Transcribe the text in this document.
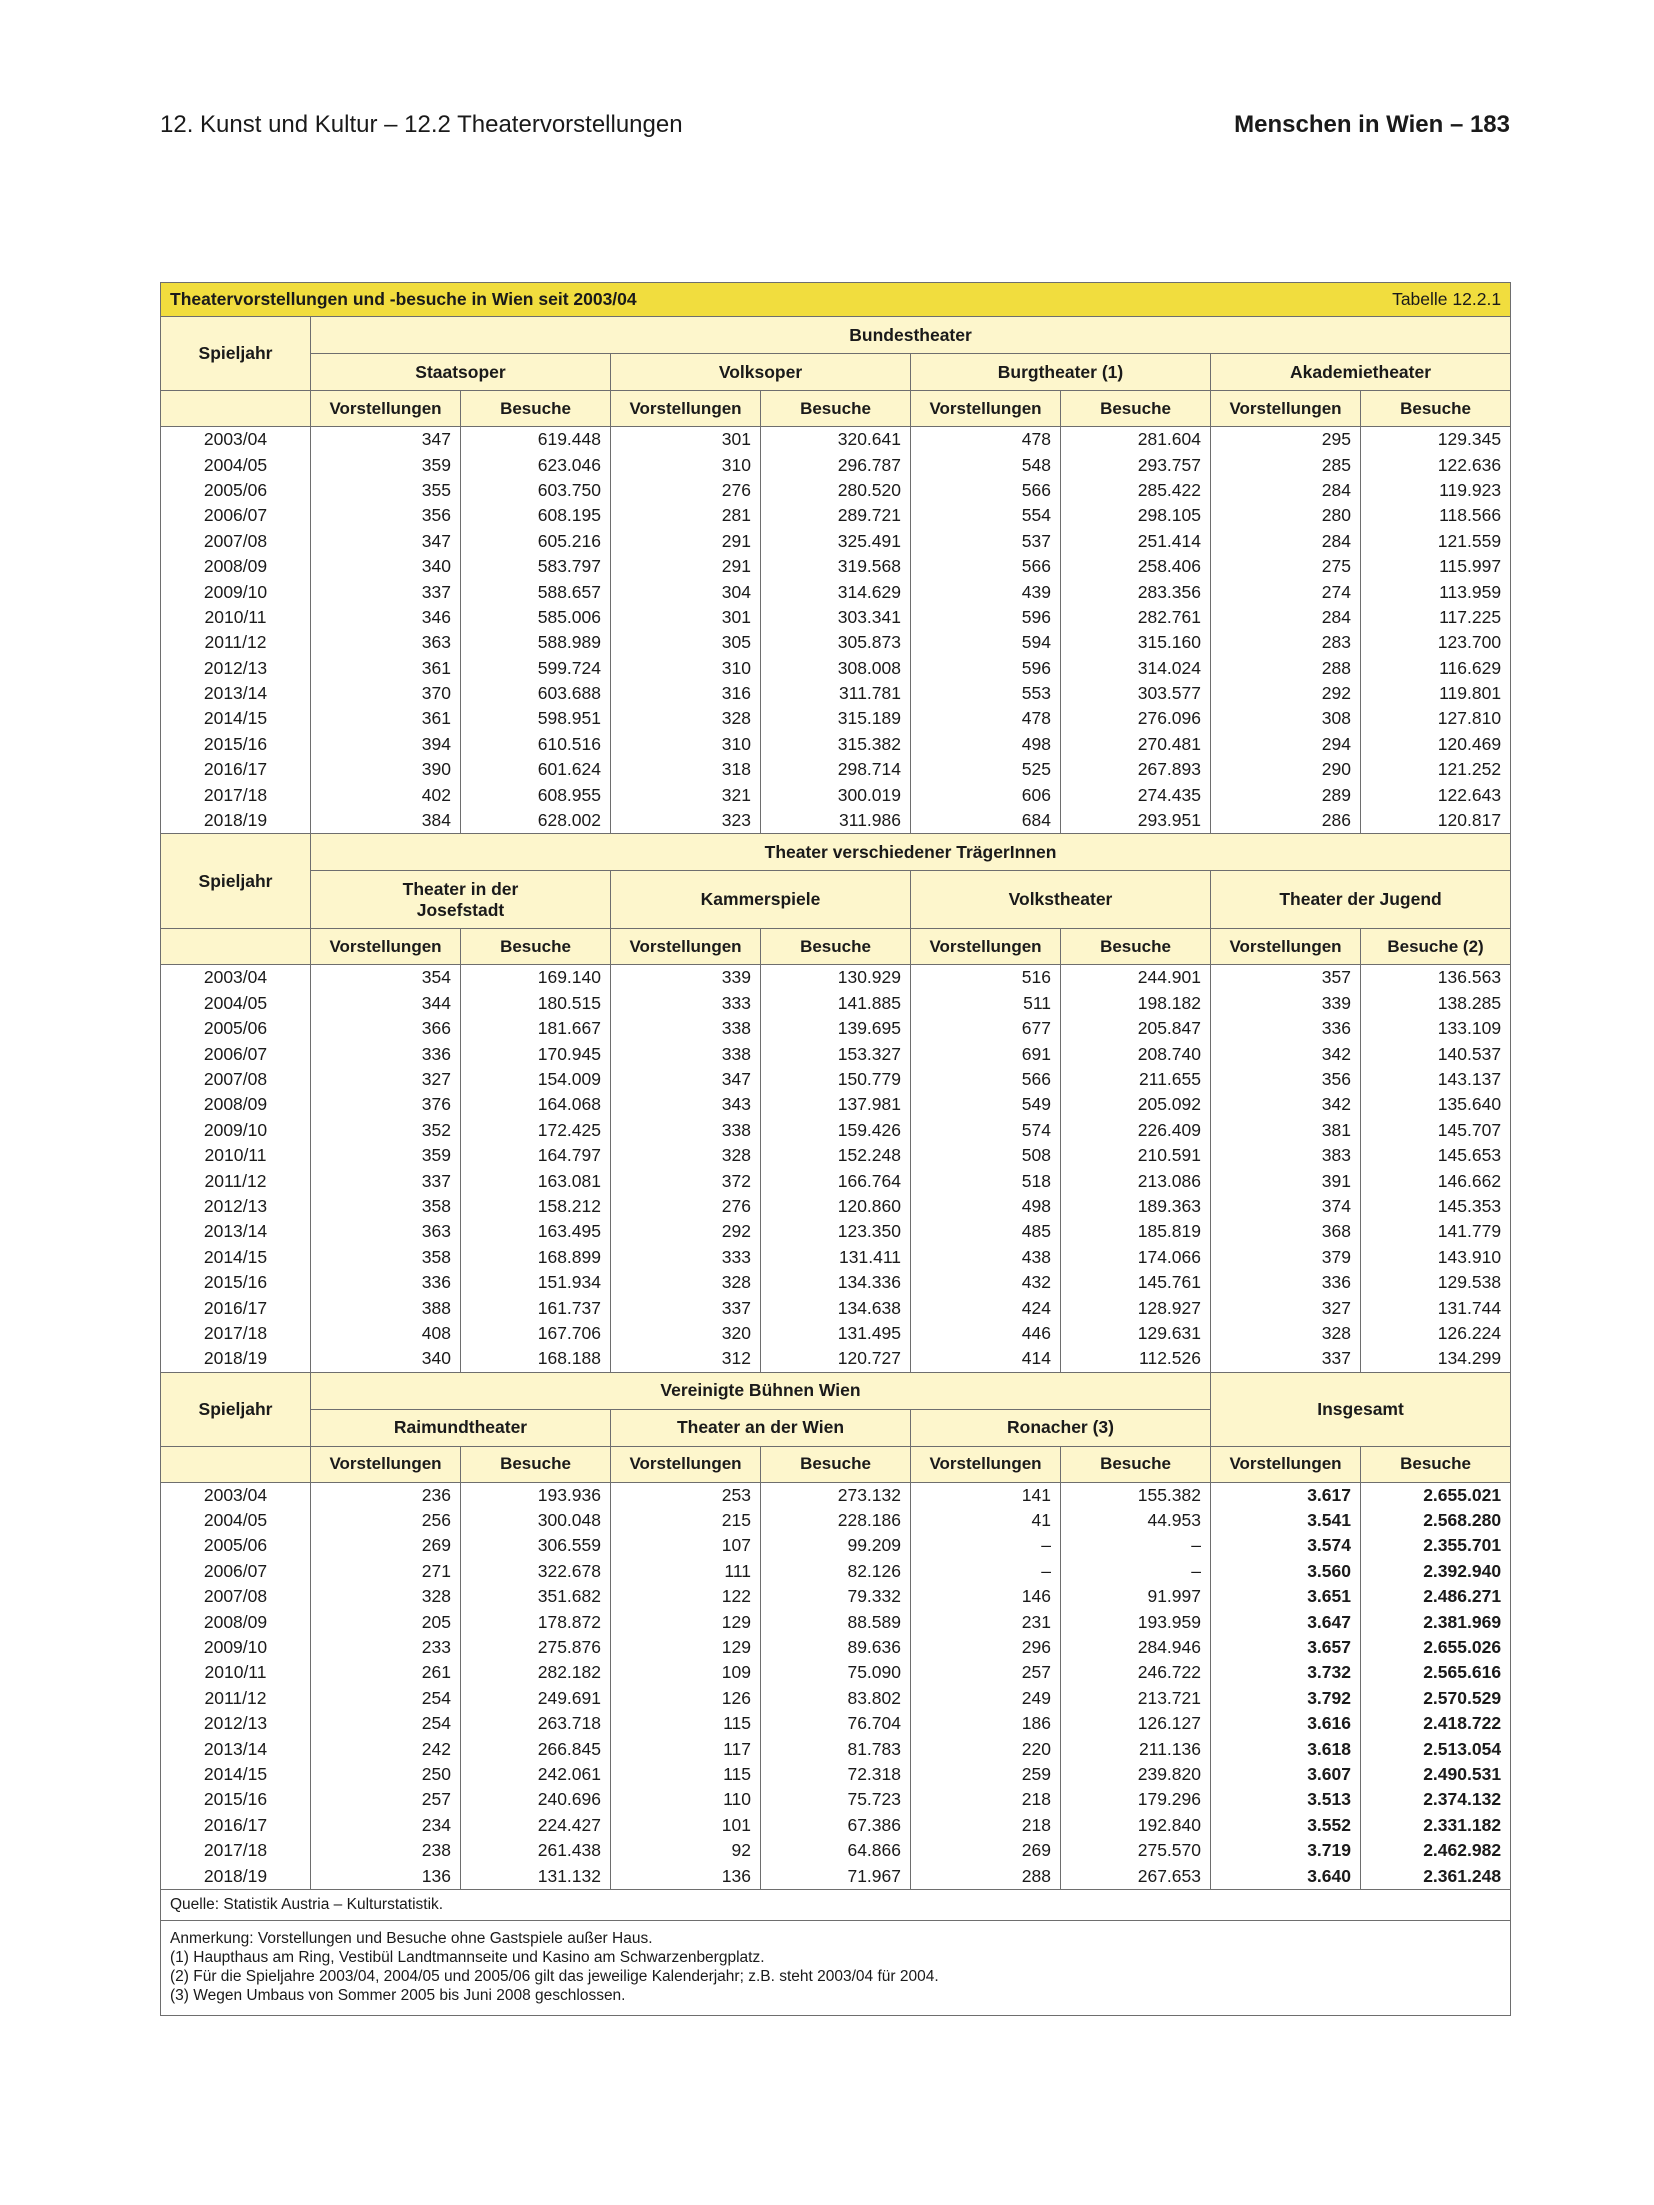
12. Kunst und Kultur – 12.2 Theatervorstellungen	Menschen in Wien – 183
Tabelle 12.2.1
Theatervorstellungen und -besuche in Wien seit 2003/04								
Spieljahr	Bundestheater							
	Staatsoper		Volksoper		Burgtheater (1)		Akademietheater	
	Vorstellungen	Besuche	Vorstellungen	Besuche	Vorstellungen	Besuche	Vorstellungen	Besuche
2003/04	347	619.448	301	320.641	478	281.604	295	129.345
2004/05	359	623.046	310	296.787	548	293.757	285	122.636
2005/06	355	603.750	276	280.520	566	285.422	284	119.923
2006/07	356	608.195	281	289.721	554	298.105	280	118.566
2007/08	347	605.216	291	325.491	537	251.414	284	121.559
2008/09	340	583.797	291	319.568	566	258.406	275	115.997
2009/10	337	588.657	304	314.629	439	283.356	274	113.959
2010/11	346	585.006	301	303.341	596	282.761	284	117.225
2011/12	363	588.989	305	305.873	594	315.160	283	123.700
2012/13	361	599.724	310	308.008	596	314.024	288	116.629
2013/14	370	603.688	316	311.781	553	303.577	292	119.801
2014/15	361	598.951	328	315.189	478	276.096	308	127.810
2015/16	394	610.516	310	315.382	498	270.481	294	120.469
2016/17	390	601.624	318	298.714	525	267.893	290	121.252
2017/18	402	608.955	321	300.019	606	274.435	289	122.643
2018/19	384	628.002	323	311.986	684	293.951	286	120.817
Spieljahr	Theater verschiedener TrägerInnen							
	Theater in der Josefstadt		Kammerspiele		Volkstheater		Theater der Jugend	
	Vorstellungen	Besuche	Vorstellungen	Besuche	Vorstellungen	Besuche	Vorstellungen	Besuche (2)
2003/04	354	169.140	339	130.929	516	244.901	357	136.563
2004/05	344	180.515	333	141.885	511	198.182	339	138.285
2005/06	366	181.667	338	139.695	677	205.847	336	133.109
2006/07	336	170.945	338	153.327	691	208.740	342	140.537
2007/08	327	154.009	347	150.779	566	211.655	356	143.137
2008/09	376	164.068	343	137.981	549	205.092	342	135.640
2009/10	352	172.425	338	159.426	574	226.409	381	145.707
2010/11	359	164.797	328	152.248	508	210.591	383	145.653
2011/12	337	163.081	372	166.764	518	213.086	391	146.662
2012/13	358	158.212	276	120.860	498	189.363	374	145.353
2013/14	363	163.495	292	123.350	485	185.819	368	141.779
2014/15	358	168.899	333	131.411	438	174.066	379	143.910
2015/16	336	151.934	328	134.336	432	145.761	336	129.538
2016/17	388	161.737	337	134.638	424	128.927	327	131.744
2017/18	408	167.706	320	131.495	446	129.631	328	126.224
2018/19	340	168.188	312	120.727	414	112.526	337	134.299
Spieljahr	Vereinigte Bühnen Wien						Insgesamt	
	Raimundtheater		Theater an der Wien		Ronacher (3)			
	Vorstellungen	Besuche	Vorstellungen	Besuche	Vorstellungen	Besuche	Vorstellungen	Besuche
2003/04	236	193.936	253	273.132	141	155.382	3.617	2.655.021
2004/05	256	300.048	215	228.186	41	44.953	3.541	2.568.280
2005/06	269	306.559	107	99.209	–	–	3.574	2.355.701
2006/07	271	322.678	111	82.126	–	–	3.560	2.392.940
2007/08	328	351.682	122	79.332	146	91.997	3.651	2.486.271
2008/09	205	178.872	129	88.589	231	193.959	3.647	2.381.969
2009/10	233	275.876	129	89.636	296	284.946	3.657	2.655.026
2010/11	261	282.182	109	75.090	257	246.722	3.732	2.565.616
2011/12	254	249.691	126	83.802	249	213.721	3.792	2.570.529
2012/13	254	263.718	115	76.704	186	126.127	3.616	2.418.722
2013/14	242	266.845	117	81.783	220	211.136	3.618	2.513.054
2014/15	250	242.061	115	72.318	259	239.820	3.607	2.490.531
2015/16	257	240.696	110	75.723	218	179.296	3.513	2.374.132
2016/17	234	224.427	101	67.386	218	192.840	3.552	2.331.182
2017/18	238	261.438	92	64.866	269	275.570	3.719	2.462.982
2018/19	136	131.132	136	71.967	288	267.653	3.640	2.361.248
Quelle: Statistik Austria – Kulturstatistik.								

Anmerkung: Vorstellungen und Besuche ohne Gastspiele außer Haus.
(1) Haupthaus am Ring, Vestibül Landtmannseite und Kasino am Schwarzenbergplatz.
(2) Für die Spieljahre 2003/04, 2004/05 und 2005/06 gilt das jeweilige Kalenderjahr; z.B. steht 2003/04 für 2004.
(3) Wegen Umbaus von Sommer 2005 bis Juni 2008 geschlossen.								
